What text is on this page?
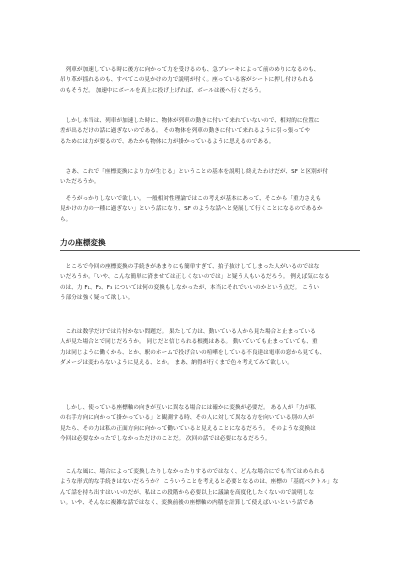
　列車が加速している時に後方に向かって力を受けるのも、急ブレーキによって前のめりになるのも、
吊り革が揺れるのも、すべてこの見かけの力で説明が付く。座っている客がシートに押し付けられる
のもそうだ。 加速中にボールを真上に投げ上げれば、ボールは後へ行くだろう。

　しかし本当は、列車が加速した時に、物体が列車の動きに付いて来れていないので、相対的に位置に
差が出るだけの話に過ぎないのである。 その物体を列車の動きに付いて来れるように引っ張ってや
るためには力が要るので、あたかも物体に力が掛かっているように思えるのである。

　さあ、これで「座標変換により力が生じる」ということの基本を説明し終えたわけだが、SF と区別が付
いただろうか。

　そうがっかりしないで欲しい。 一般相対性理論ではこの考えが基本にあって、そこから「重力さえも
見かけの力の一種に過ぎない」という話になり、SF のような話へと発展して行くことになるのであるか
ら。

力の座標変換

　ところで今回の座標変換の手続きがあまりにも簡単すぎて、拍子抜けしてしまった人がいるのではな
いだろうか。「いや、こんな簡単に済ませては正しくないのでは」と疑う人もいるだろう。 例えば気になる
のは、力 F₁、F₂、F₃ については何の変換もしなかったが、本当にそれでいいのかという点だ。 こうい
う部分は強く疑って欲しい。

　これは数学だけでは片付かない問題だ。 果たして力は、動いている人から見た場合と止まっている
人が見た場合とで同じだろうか。 同じだと信じられる根拠はある。 動いていても止まっていても、重
力は同じように働くから、とか、駅のホームで投げ合いの喧嘩をしている不良達は電車の窓から見ても、
ダメージは変わらないように見える、とか。 まあ、納得が行くまで色々考えてみて欲しい。

　しかし、使っている座標軸の向きが互いに異なる場合には確かに変換が必要だ。 ある人が「力が私
の右手方向に向かって掛かっている」と観測する時、その人に対して異なる方を向いている別の人が
見たら、その力は私の正面方向に向かって働いていると見えることになるだろう。 そのような変換は
今回は必要なかったでしなかっただけのことだ。 次回の話では必要になるだろう。

　こんな風に、場合によって変換したりしなかったりするのではなく、どんな場合にでも当てはめられる
ような形式的な手続きはないだろうか？ こういうことを考えると必要となるのは、座標の「基底ベクトル」な
んて話を持ち出すはいいのだが、私はこの段階から必要以上に議論を高度化したくないので説明しな
い。いや、そんなに複雑な話ではなく、変換前後の座標軸の内積を計算して使えばいいという話であ
